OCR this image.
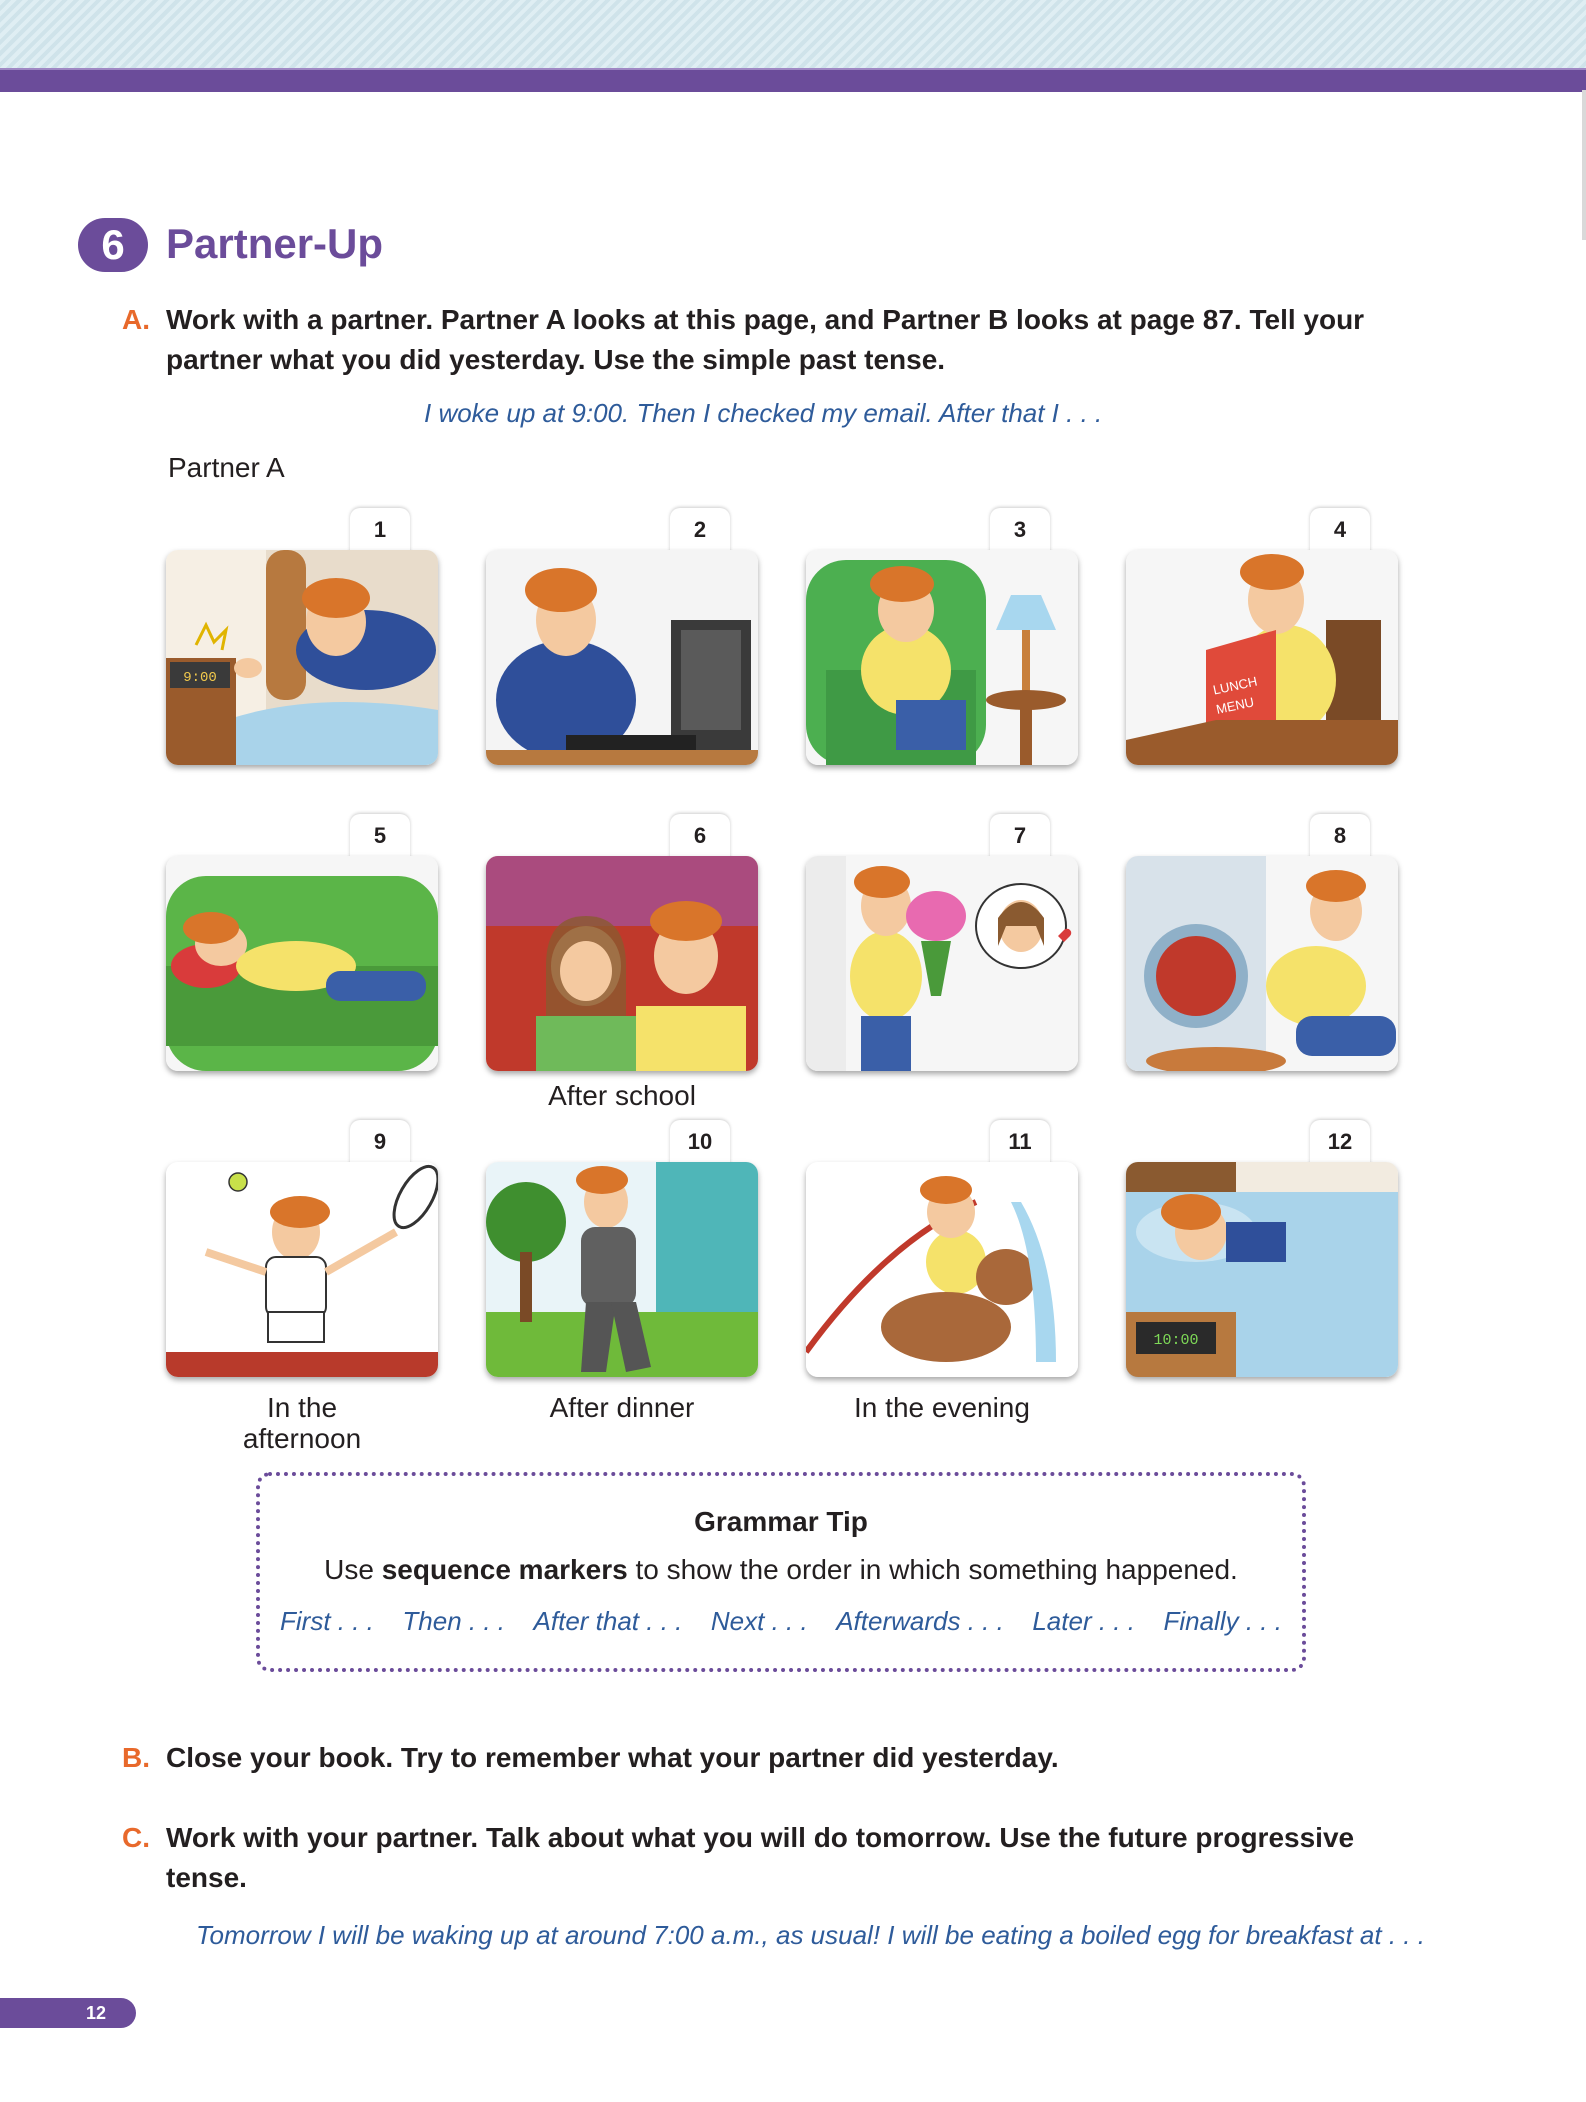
6 Partner-Up
A. Work with a partner. Partner A looks at this page, and Partner B looks at page 87. Tell your partner what you did yesterday. Use the simple past tense.
I woke up at 9:00. Then I checked my email. After that I . . .
Partner A
1	2	3	4
5	6	7	8
9	10	11	12
9:00	LUNCH
MENU
10:00
After school
In the afternoon
After dinner	In the evening
Grammar Tip
Use sequence markers to show the order in which something happened.
First . . . Then . . . After that . . . Next . . . Afterwards . . . Later . . . Finally . . .
B. Close your book. Try to remember what your partner did yesterday.
C. Work with your partner. Talk about what you will do tomorrow. Use the future progressive tense.
Tomorrow I will be waking up at around 7:00 a.m., as usual! I will be eating a boiled egg for breakfast at . . .
12
